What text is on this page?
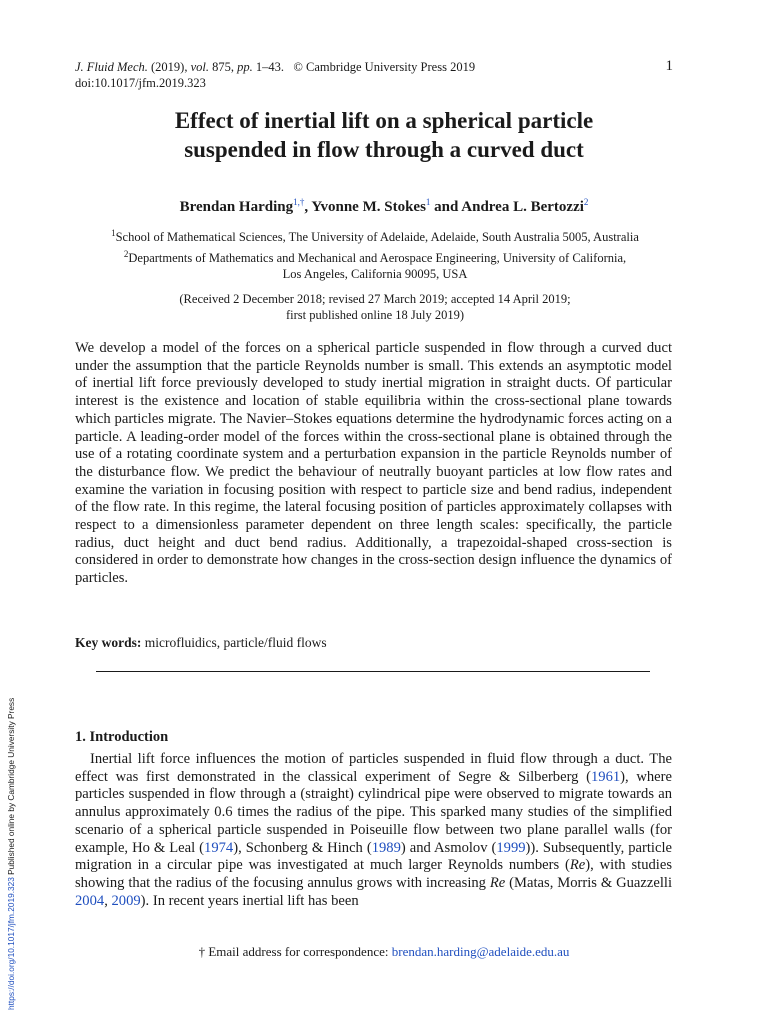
J. Fluid Mech. (2019), vol. 875, pp. 1–43. © Cambridge University Press 2019
doi:10.1017/jfm.2019.323
1
Effect of inertial lift on a spherical particle
suspended in flow through a curved duct
Brendan Harding$^{1,\dagger}$, Yvonne M. Stokes$^1$ and Andrea L. Bertozzi$^2$
$^1$School of Mathematical Sciences, The University of Adelaide, Adelaide, South Australia 5005, Australia
$^2$Departments of Mathematics and Mechanical and Aerospace Engineering, University of California,
Los Angeles, California 90095, USA
(Received 2 December 2018; revised 27 March 2019; accepted 14 April 2019;
first published online 18 July 2019)
We develop a model of the forces on a spherical particle suspended in flow through a curved duct under the assumption that the particle Reynolds number is small. This extends an asymptotic model of inertial lift force previously developed to study inertial migration in straight ducts. Of particular interest is the existence and location of stable equilibria within the cross-sectional plane towards which particles migrate. The Navier–Stokes equations determine the hydrodynamic forces acting on a particle. A leading-order model of the forces within the cross-sectional plane is obtained through the use of a rotating coordinate system and a perturbation expansion in the particle Reynolds number of the disturbance flow. We predict the behaviour of neutrally buoyant particles at low flow rates and examine the variation in focusing position with respect to particle size and bend radius, independent of the flow rate. In this regime, the lateral focusing position of particles approximately collapses with respect to a dimensionless parameter dependent on three length scales: specifically, the particle radius, duct height and duct bend radius. Additionally, a trapezoidal-shaped cross-section is considered in order to demonstrate how changes in the cross-section design influence the dynamics of particles.
Key words: microfluidics, particle/fluid flows
1. Introduction
Inertial lift force influences the motion of particles suspended in fluid flow through a duct. The effect was first demonstrated in the classical experiment of Segre & Silberberg (1961), where particles suspended in flow through a (straight) cylindrical pipe were observed to migrate towards an annulus approximately 0.6 times the radius of the pipe. This sparked many studies of the simplified scenario of a spherical particle suspended in Poiseuille flow between two plane parallel walls (for example, Ho & Leal (1974), Schonberg & Hinch (1989) and Asmolov (1999)). Subsequently, particle migration in a circular pipe was investigated at much larger Reynolds numbers (Re), with studies showing that the radius of the focusing annulus grows with increasing Re (Matas, Morris & Guazzelli 2004, 2009). In recent years inertial lift has been
† Email address for correspondence: brendan.harding@adelaide.edu.au
https://doi.org/10.1017/jfm.2019.323 Published online by Cambridge University Press
